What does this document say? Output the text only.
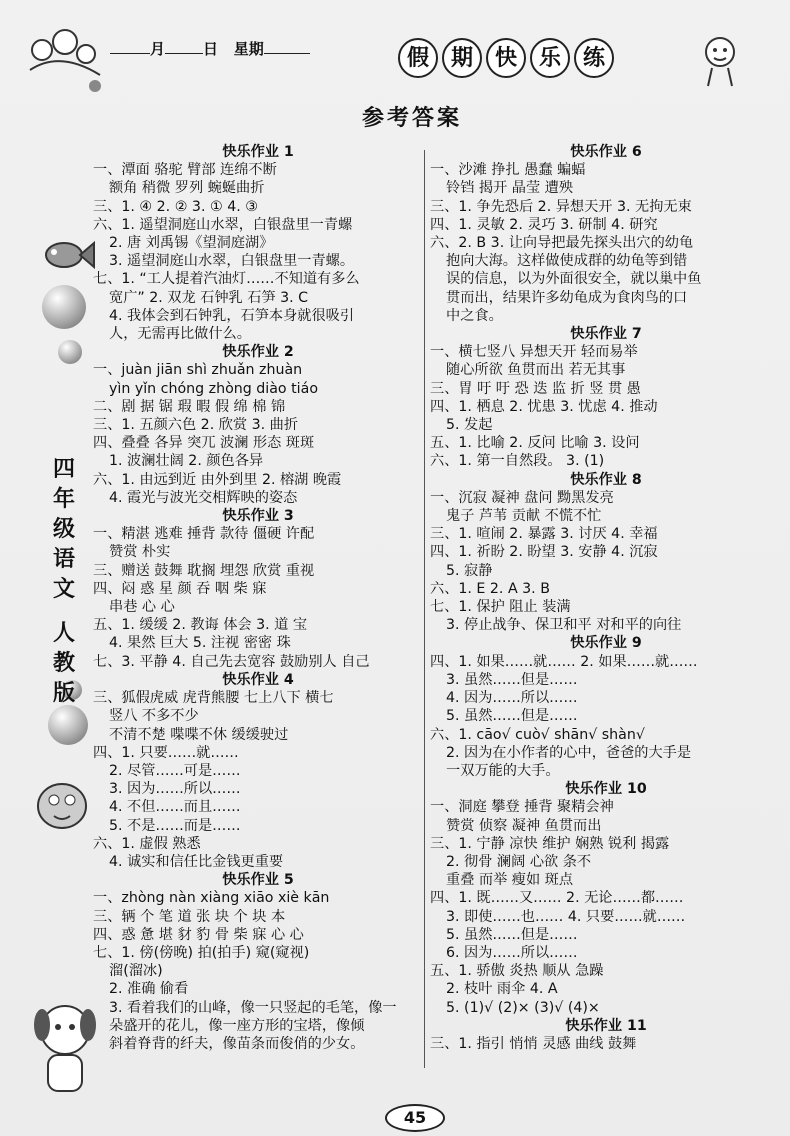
月	日 星期	假 期 快 乐 练
参考答案
四
年
级
语
文
人
教
版
快乐作业 1
一、潭面 骆驼 臂部 连绵不断
额角 稍微 罗列 蜿蜒曲折
三、1. ④ 2. ② 3. ① 4. ③
六、1. 遥望洞庭山水翠，白银盘里一青螺
2. 唐 刘禹锡《望洞庭湖》
3. 遥望洞庭山水翠，白银盘里一青螺。
七、1. “工人提着汽油灯……不知道有多么
宽广” 2. 双龙 石钟乳 石笋 3. C
4. 我体会到石钟乳，石笋本身就很吸引
人，无需再比做什么。
快乐作业 2
一、juàn jiān shì zhuǎn zhuàn
yìn yǐn chóng zhòng diào tiáo
二、剧 据 锯 瑕 暇 假 绵 棉 锦
三、1. 五颜六色 2. 欣赏 3. 曲折
四、叠叠 各异 突兀 波澜 形态 斑斑
1. 波澜壮阔 2. 颜色各异
六、1. 由远到近 由外到里 2. 榕湖 晚霞
4. 霞光与波光交相辉映的姿态
快乐作业 3
一、精湛 逃难 捶背 款待 僵硬 许配
赞赏 朴实
三、赠送 鼓舞 耽搁 埋怨 欣赏 重视
四、闷 惑 星 颜 吞 咽 柴 寐
串巷 心 心
五、1. 缓缓 2. 教诲 体会 3. 道 宝
4. 果然 巨大 5. 注视 密密 珠
七、3. 平静 4. 自己先去宽容 鼓励别人 自己
快乐作业 4
三、狐假虎威 虎背熊腰 七上八下 横七
竖八 不多不少
不清不楚 喋喋不休 缓缓驶过
四、1. 只要……就……
2. 尽管……可是……
3. 因为……所以……
4. 不但……而且……
5. 不是……而是……
六、1. 虚假 熟悉
4. 诚实和信任比金钱更重要
快乐作业 5
一、zhòng nàn xiàng xiāo xiè kān
三、辆 个 笔 道 张 块 个 块 本
四、惑 惫 堪 豺 豹 骨 柴 寐 心 心
七、1. 傍(傍晚) 拍(拍手) 窥(窥视)
溜(溜冰)
2. 准确 偷看
3. 看着我们的山峰，像一只竖起的毛笔，像一
朵盛开的花儿，像一座方形的宝塔，像倾
斜着脊背的纤夫，像苗条而俊俏的少女。
快乐作业 6
一、沙滩 挣扎 愚蠢 蝙蝠
铃铛 揭开 晶莹 遭殃
三、1. 争先恐后 2. 异想天开 3. 无拘无束
四、1. 灵敏 2. 灵巧 3. 研制 4. 研究
六、2. B 3. 让向导把最先探头出穴的幼龟
抱向大海。这样做使成群的幼龟等到错
误的信息，以为外面很安全，就以巢中鱼
贯而出，结果许多幼龟成为食肉鸟的口
中之食。
快乐作业 7
一、横七竖八 异想天开 轻而易举
随心所欲 鱼贯而出 若无其事
三、胃 吁 吁 恐 迭 监 折 竖 贯 愚
四、1. 栖息 2. 忧患 3. 忧虑 4. 推动
5. 发起
五、1. 比喻 2. 反问 比喻 3. 设问
六、1. 第一自然段。 3. (1)
快乐作业 8
一、沉寂 凝神 盘问 黝黑发亮
鬼子 芦苇 贡献 不慌不忙
三、1. 喧闹 2. 暴露 3. 讨厌 4. 幸福
四、1. 祈盼 2. 盼望 3. 安静 4. 沉寂
5. 寂静
六、1. E 2. A 3. B
七、1. 保护 阻止 装满
3. 停止战争、保卫和平 对和平的向往
快乐作业 9
四、1. 如果……就…… 2. 如果……就……
3. 虽然……但是……
4. 因为……所以……
5. 虽然……但是……
六、1. cāo√ cuò√ shān√ shàn√
2. 因为在小作者的心中，爸爸的大手是
一双万能的大手。
快乐作业 10
一、洞庭 攀登 捶背 聚精会神
赞赏 侦察 凝神 鱼贯而出
三、1. 宁静 凉快 维护 娴熟 锐利 揭露
2. 彻骨 澜阔 心欲 条不
重叠 而举 瘦如 斑点
四、1. 既……又…… 2. 无论……都……
3. 即使……也…… 4. 只要……就……
5. 虽然……但是……
6. 因为……所以……
五、1. 骄傲 炎热 顺从 急躁
2. 枝叶 雨伞 4. A
5. (1)√ (2)× (3)√ (4)×
快乐作业 11
三、1. 指引 悄悄 灵感 曲线 鼓舞
45
